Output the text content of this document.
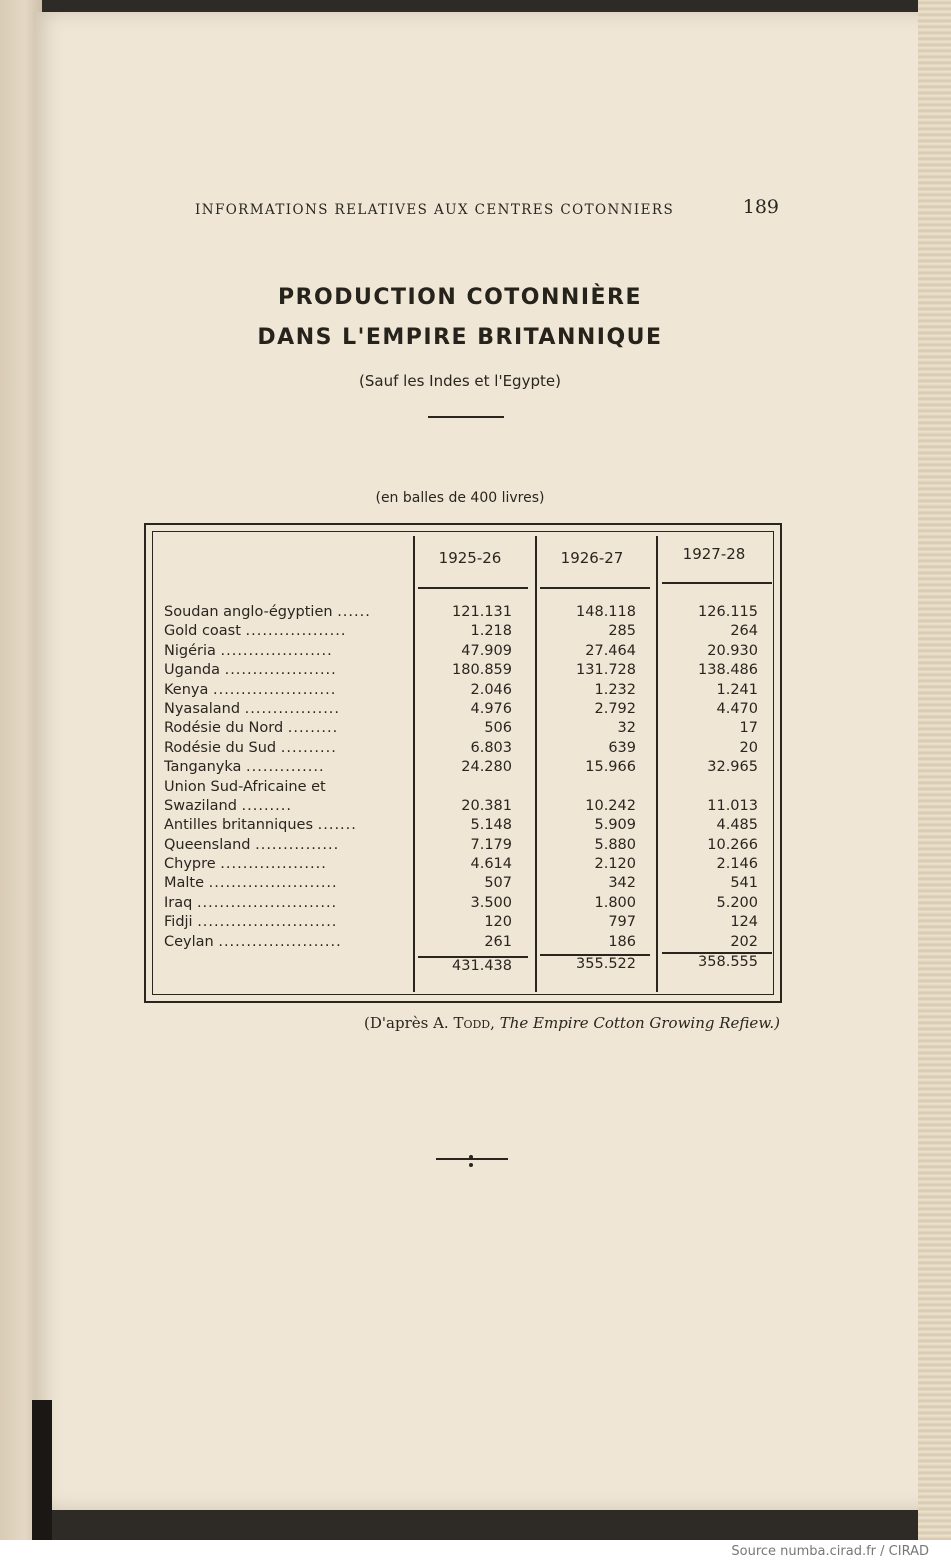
INFORMATIONS RELATIVES AUX CENTRES COTONNIERS	189
PRODUCTION COTONNIÈRE
DANS L'EMPIRE BRITANNIQUE
(Sauf les Indes et l'Egypte)
(en balles de 400 livres)
1925-26	1926-27	1927-28
Soudan anglo-égyptien ......	121.131	148.118	126.115
Gold coast ..................	1.218	285	264
Nigéria ....................	47.909	27.464	20.930
Uganda ....................	180.859	131.728	138.486
Kenya ......................	2.046	1.232	1.241
Nyasaland .................	4.976	2.792	4.470
Rodésie du Nord .........	506	32	17
Rodésie du Sud ..........	6.803	639	20
Tanganyka ..............	24.280	15.966	32.965
Union Sud-Africaine et Swaziland .........	20.381	10.242	11.013
Antilles britanniques .......	5.148	5.909	4.485
Queensland ...............	7.179	5.880	10.266
Chypre ...................	4.614	2.120	2.146
Malte .......................	507	342	541
Iraq .........................	3.500	1.800	5.200
Fidji .........................	120	797	124
Ceylan ......................	261	186	202
431.438	355.522	358.555
(D'après A. Todd, The Empire Cotton Growing Refiew.)
Source numba.cirad.fr / CIRAD
